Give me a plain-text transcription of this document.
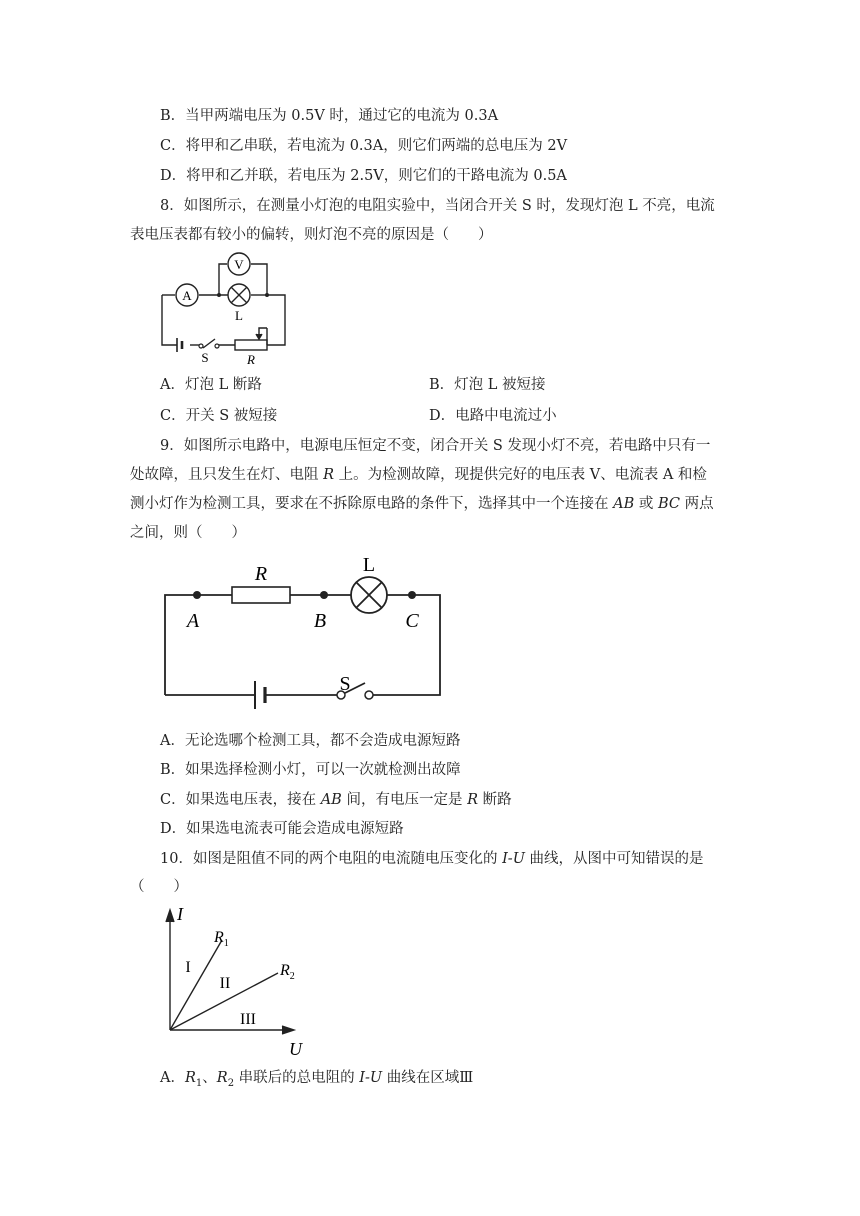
B．当甲两端电压为 0.5V 时，通过它的电流为 0.3A
C．将甲和乙串联，若电流为 0.3A，则它们两端的总电压为 2V
D．将甲和乙并联，若电压为 2.5V，则它们的干路电流为 0.5A
8．如图所示，在测量小灯泡的电阻实验中，当闭合开关 S 时，发现灯泡 L 不亮，电流
表电压表都有较小的偏转，则灯泡不亮的原因是（　　）
A
V
L
S	R
A．灯泡 L 断路	B．灯泡 L 被短接
C．开关 S 被短接	D．电路中电流过小
9．如图所示电路中，电源电压恒定不变，闭合开关 S 发现小灯不亮，若电路中只有一
处故障，且只发生在灯、电阻 R 上。为检测故障，现提供完好的电压表 V、电流表 A 和检
测小灯作为检测工具，要求在不拆除原电路的条件下，选择其中一个连接在 AB 或 BC 两点
之间，则（　　）
R	L
A	B	C
S
A．无论选哪个检测工具，都不会造成电源短路
B．如果选择检测小灯，可以一次就检测出故障
C．如果选电压表，接在 AB 间，有电压一定是 R 断路
D．如果选电流表可能会造成电源短路
10．如图是阻值不同的两个电阻的电流随电压变化的 I-U 曲线，从图中可知错误的是
（　　）
I
U
$R_1$
$R_2$
I
II
III
A．$R_1$、$R_2$ 串联后的总电阻的 I-U 曲线在区域Ⅲ
